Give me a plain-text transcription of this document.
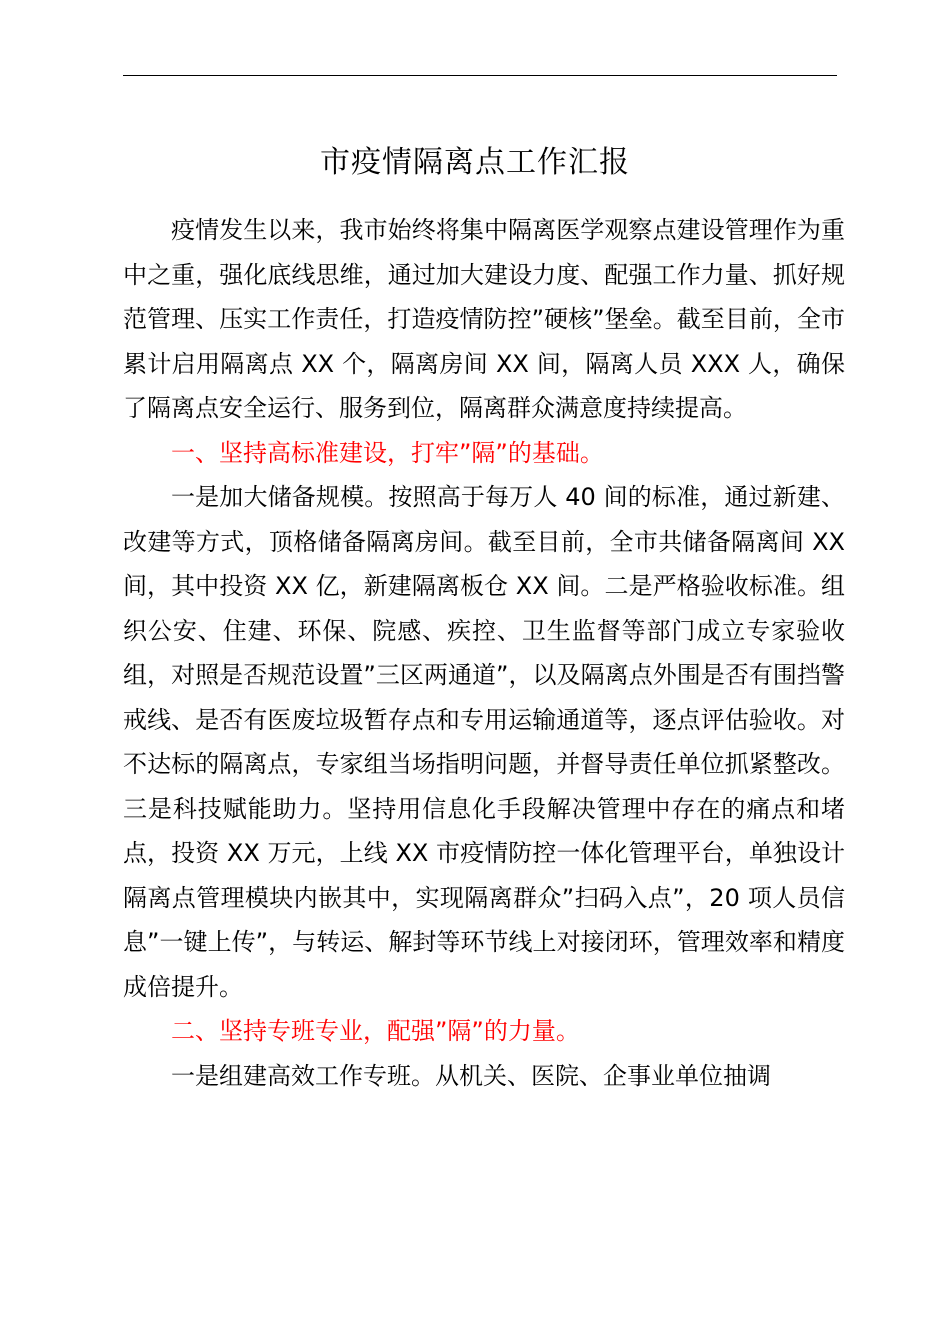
市疫情隔离点工作汇报

疫情发生以来，我市始终将集中隔离医学观察点建设管理作为重中之重，强化底线思维，通过加大建设力度、配强工作力量、抓好规范管理、压实工作责任，打造疫情防控”硬核”堡垒。截至目前，全市累计启用隔离点 XX 个，隔离房间 XX 间，隔离人员 XXX 人，确保了隔离点安全运行、服务到位，隔离群众满意度持续提高。

一、坚持高标准建设，打牢”隔”的基础。

一是加大储备规模。按照高于每万人 40 间的标准，通过新建、改建等方式，顶格储备隔离房间。截至目前，全市共储备隔离间 XX 间，其中投资 XX 亿，新建隔离板仓 XX 间。二是严格验收标准。组织公安、住建、环保、院感、疾控、卫生监督等部门成立专家验收组，对照是否规范设置”三区两通道”，以及隔离点外围是否有围挡警戒线、是否有医废垃圾暂存点和专用运输通道等，逐点评估验收。对不达标的隔离点，专家组当场指明问题，并督导责任单位抓紧整改。三是科技赋能助力。坚持用信息化手段解决管理中存在的痛点和堵点，投资 XX 万元，上线 XX 市疫情防控一体化管理平台，单独设计隔离点管理模块内嵌其中，实现隔离群众”扫码入点”，20 项人员信息”一键上传”，与转运、解封等环节线上对接闭环，管理效率和精度成倍提升。

二、坚持专班专业，配强”隔”的力量。

一是组建高效工作专班。从机关、医院、企事业单位抽调
